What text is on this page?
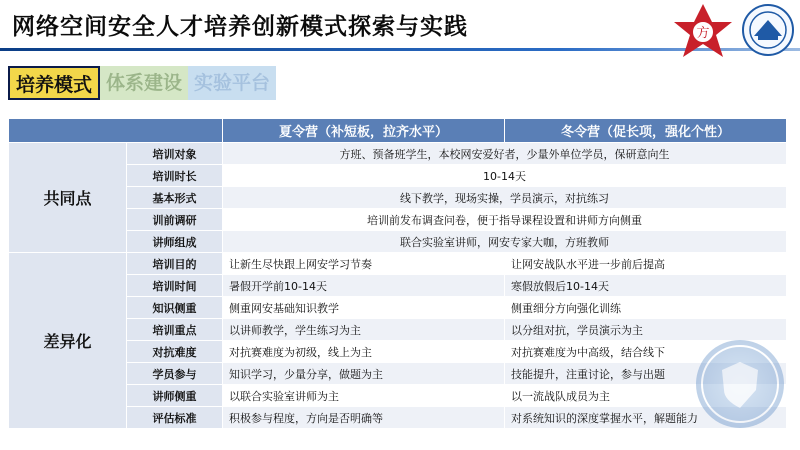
网络空间安全人才培养创新模式探索与实践	方
培养模式 体系建设 实验平台
		夏令营（补短板，拉齐水平）	冬令营（促长项，强化个性）
共同点	培训对象	方班、预备班学生，本校网安爱好者，少量外单位学员，保研意向生	
	培训时长	10-14天	
	基本形式	线下教学，现场实操，学员演示，对抗练习	
	训前调研	培训前发布调查问卷，便于指导课程设置和讲师方向侧重	
	讲师组成	联合实验室讲师，网安专家大咖，方班教师	
差异化	培训目的	让新生尽快跟上网安学习节奏	让网安战队水平进一步前后提高
	培训时间	暑假开学前10-14天	寒假放假后10-14天
	知识侧重	侧重网安基础知识教学	侧重细分方向强化训练
	培训重点	以讲师教学，学生练习为主	以分组对抗，学员演示为主
	对抗难度	对抗赛难度为初级，线上为主	对抗赛难度为中高级，结合线下
	学员参与	知识学习，少量分享，做题为主	技能提升，注重讨论，参与出题
	讲师侧重	以联合实验室讲师为主	以一流战队成员为主
	评估标准	积极参与程度，方向是否明确等	对系统知识的深度掌握水平，解题能力
